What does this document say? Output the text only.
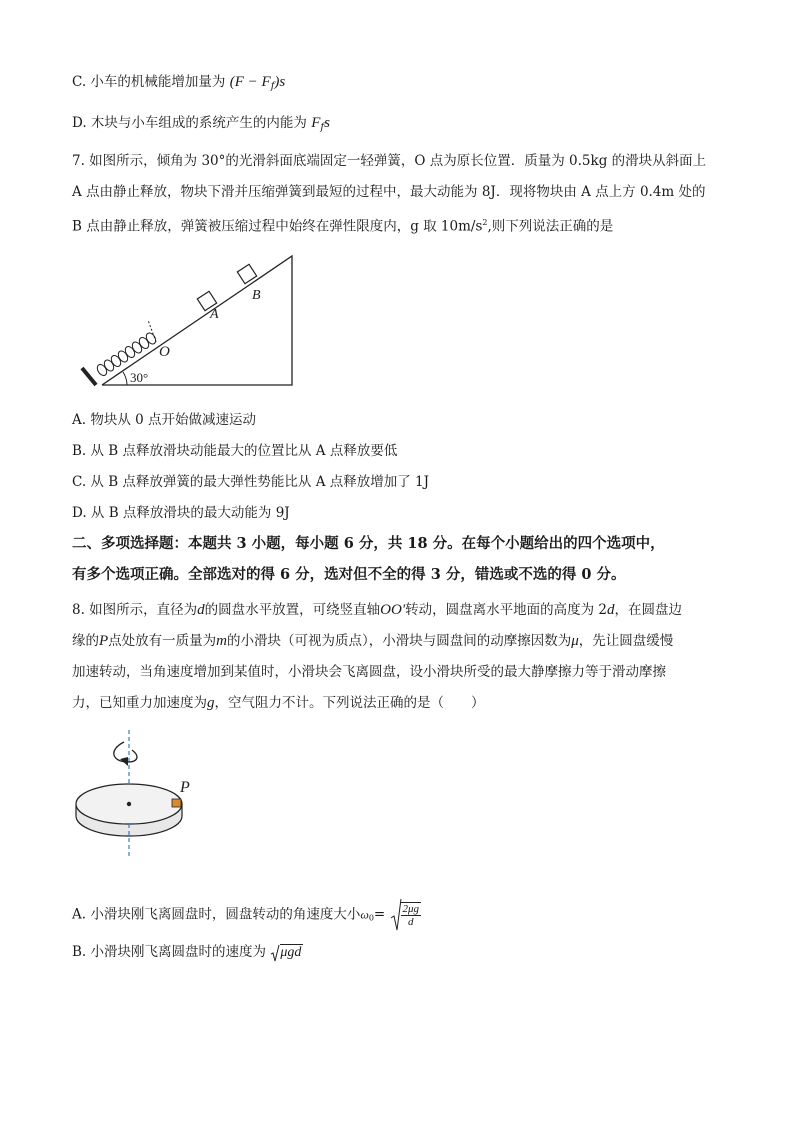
C. 小车的机械能增加量为 $(F - F_f)s$
D. 木块与小车组成的系统产生的内能为 $F_fs$
7. 如图所示，倾角为 30°的光滑斜面底端固定一轻弹簧，O 点为原长位置．质量为 0.5kg 的滑块从斜面上
A 点由静止释放，物块下滑并压缩弹簧到最短的过程中，最大动能为 8J．现将物块由 A 点上方 0.4m 处的
B 点由静止释放，弹簧被压缩过程中始终在弹性限度内，g 取 $10m/s^2$,则下列说法正确的是
A
B
O
30°
A. 物块从 0 点开始做减速运动
B. 从 B 点释放滑块动能最大的位置比从 A 点释放要低
C. 从 B 点释放弹簧的最大弹性势能比从 A 点释放增加了 1J
D. 从 B 点释放滑块的最大动能为 9J
二、多项选择题：本题共 3 小题，每小题 6 分，共 18 分。在每个小题给出的四个选项中，
有多个选项正确。全部选对的得 6 分，选对但不全的得 3 分，错选或不选的得 0 分。
8. 如图所示，直径为d的圆盘水平放置，可绕竖直轴OO′转动，圆盘离水平地面的高度为 2d，在圆盘边
缘的P点处放有一质量为m的小滑块（可视为质点），小滑块与圆盘间的动摩擦因数为μ，先让圆盘缓慢
加速转动，当角速度增加到某值时，小滑块会飞离圆盘，设小滑块所受的最大静摩擦力等于滑动摩擦
力，已知重力加速度为g，空气阻力不计。下列说法正确的是（　　）
P
A. 小滑块刚飞离圆盘时，圆盘转动的角速度大小$\omega 0= \frac{2\mu g}{d}$
B. 小滑块刚飞离圆盘时的速度为 μgd
